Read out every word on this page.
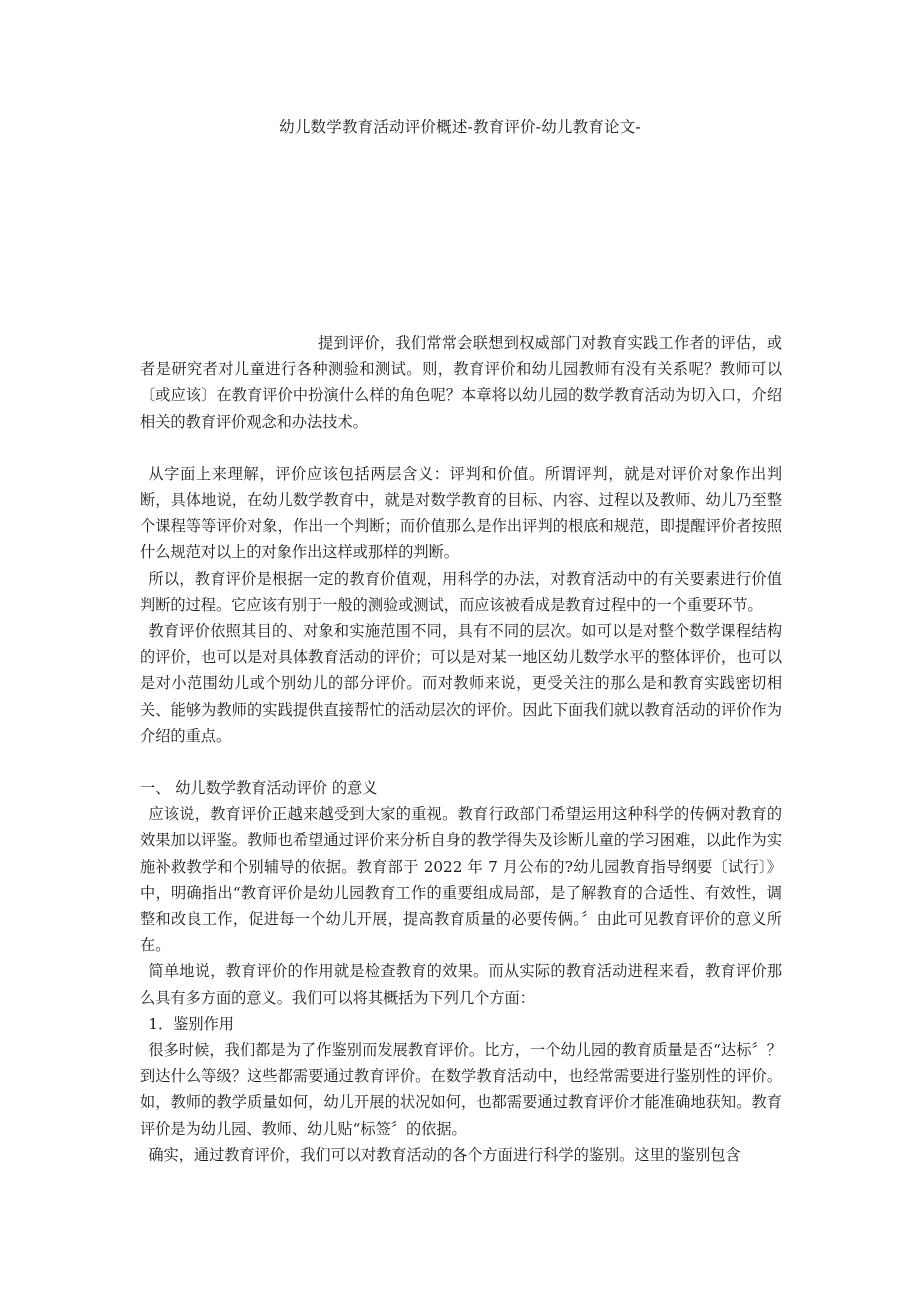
幼儿数学教育活动评价概述-教育评价-幼儿教育论文-

提到评价，我们常常会联想到权威部门对教育实践工作者的评估，或者是研究者对儿童进行各种测验和测试。则，教育评价和幼儿园教师有没有关系呢？教师可以〔或应该〕在教育评价中扮演什么样的角色呢？本章将以幼儿园的数学教育活动为切入口，介绍相关的教育评价观念和办法技术。

从字面上来理解，评价应该包括两层含义：评判和价值。所谓评判，就是对评价对象作出判断，具体地说，在幼儿数学教育中，就是对数学教育的目标、内容、过程以及教师、幼儿乃至整个课程等等评价对象，作出一个判断；而价值那么是作出评判的根底和规范，即提醒评价者按照什么规范对以上的对象作出这样或那样的判断。

所以，教育评价是根据一定的教育价值观，用科学的办法，对教育活动中的有关要素进行价值判断的过程。它应该有别于一般的测验或测试，而应该被看成是教育过程中的一个重要环节。

教育评价依照其目的、对象和实施范围不同，具有不同的层次。如可以是对整个数学课程结构的评价，也可以是对具体教育活动的评价；可以是对某一地区幼儿数学水平的整体评价，也可以是对小范围幼儿或个别幼儿的部分评价。而对教师来说，更受关注的那么是和教育实践密切相关、能够为教师的实践提供直接帮忙的活动层次的评价。因此下面我们就以教育活动的评价作为介绍的重点。

一、 幼儿数学教育活动评价 的意义

应该说，教育评价正越来越受到大家的重视。教育行政部门希望运用这种科学的传俩对教育的效果加以评鉴。教师也希望通过评价来分析自身的教学得失及诊断儿童的学习困难，以此作为实施补救教学和个别辅导的依据。教育部于 2022 年 7 月公布的?幼儿园教育指导纲要〔试行〕》中，明确指出“教育评价是幼儿园教育工作的重要组成局部，是了解教育的合适性、有效性，调整和改良工作，促进每一个幼儿开展，提高教育质量的必要传俩。〞由此可见教育评价的意义所在。

简单地说，教育评价的作用就是检查教育的效果。而从实际的教育活动进程来看，教育评价那么具有多方面的意义。我们可以将其概括为下列几个方面：

1．鉴别作用

很多时候，我们都是为了作鉴别而发展教育评价。比方，一个幼儿园的教育质量是否“达标〞？到达什么等级？这些都需要通过教育评价。在数学教育活动中，也经常需要进行鉴别性的评价。如，教师的教学质量如何，幼儿开展的状况如何，也都需要通过教育评价才能准确地获知。教育评价是为幼儿园、教师、幼儿贴“标签〞的依据。

确实，通过教育评价，我们可以对教育活动的各个方面进行科学的鉴别。这里的鉴别包含
